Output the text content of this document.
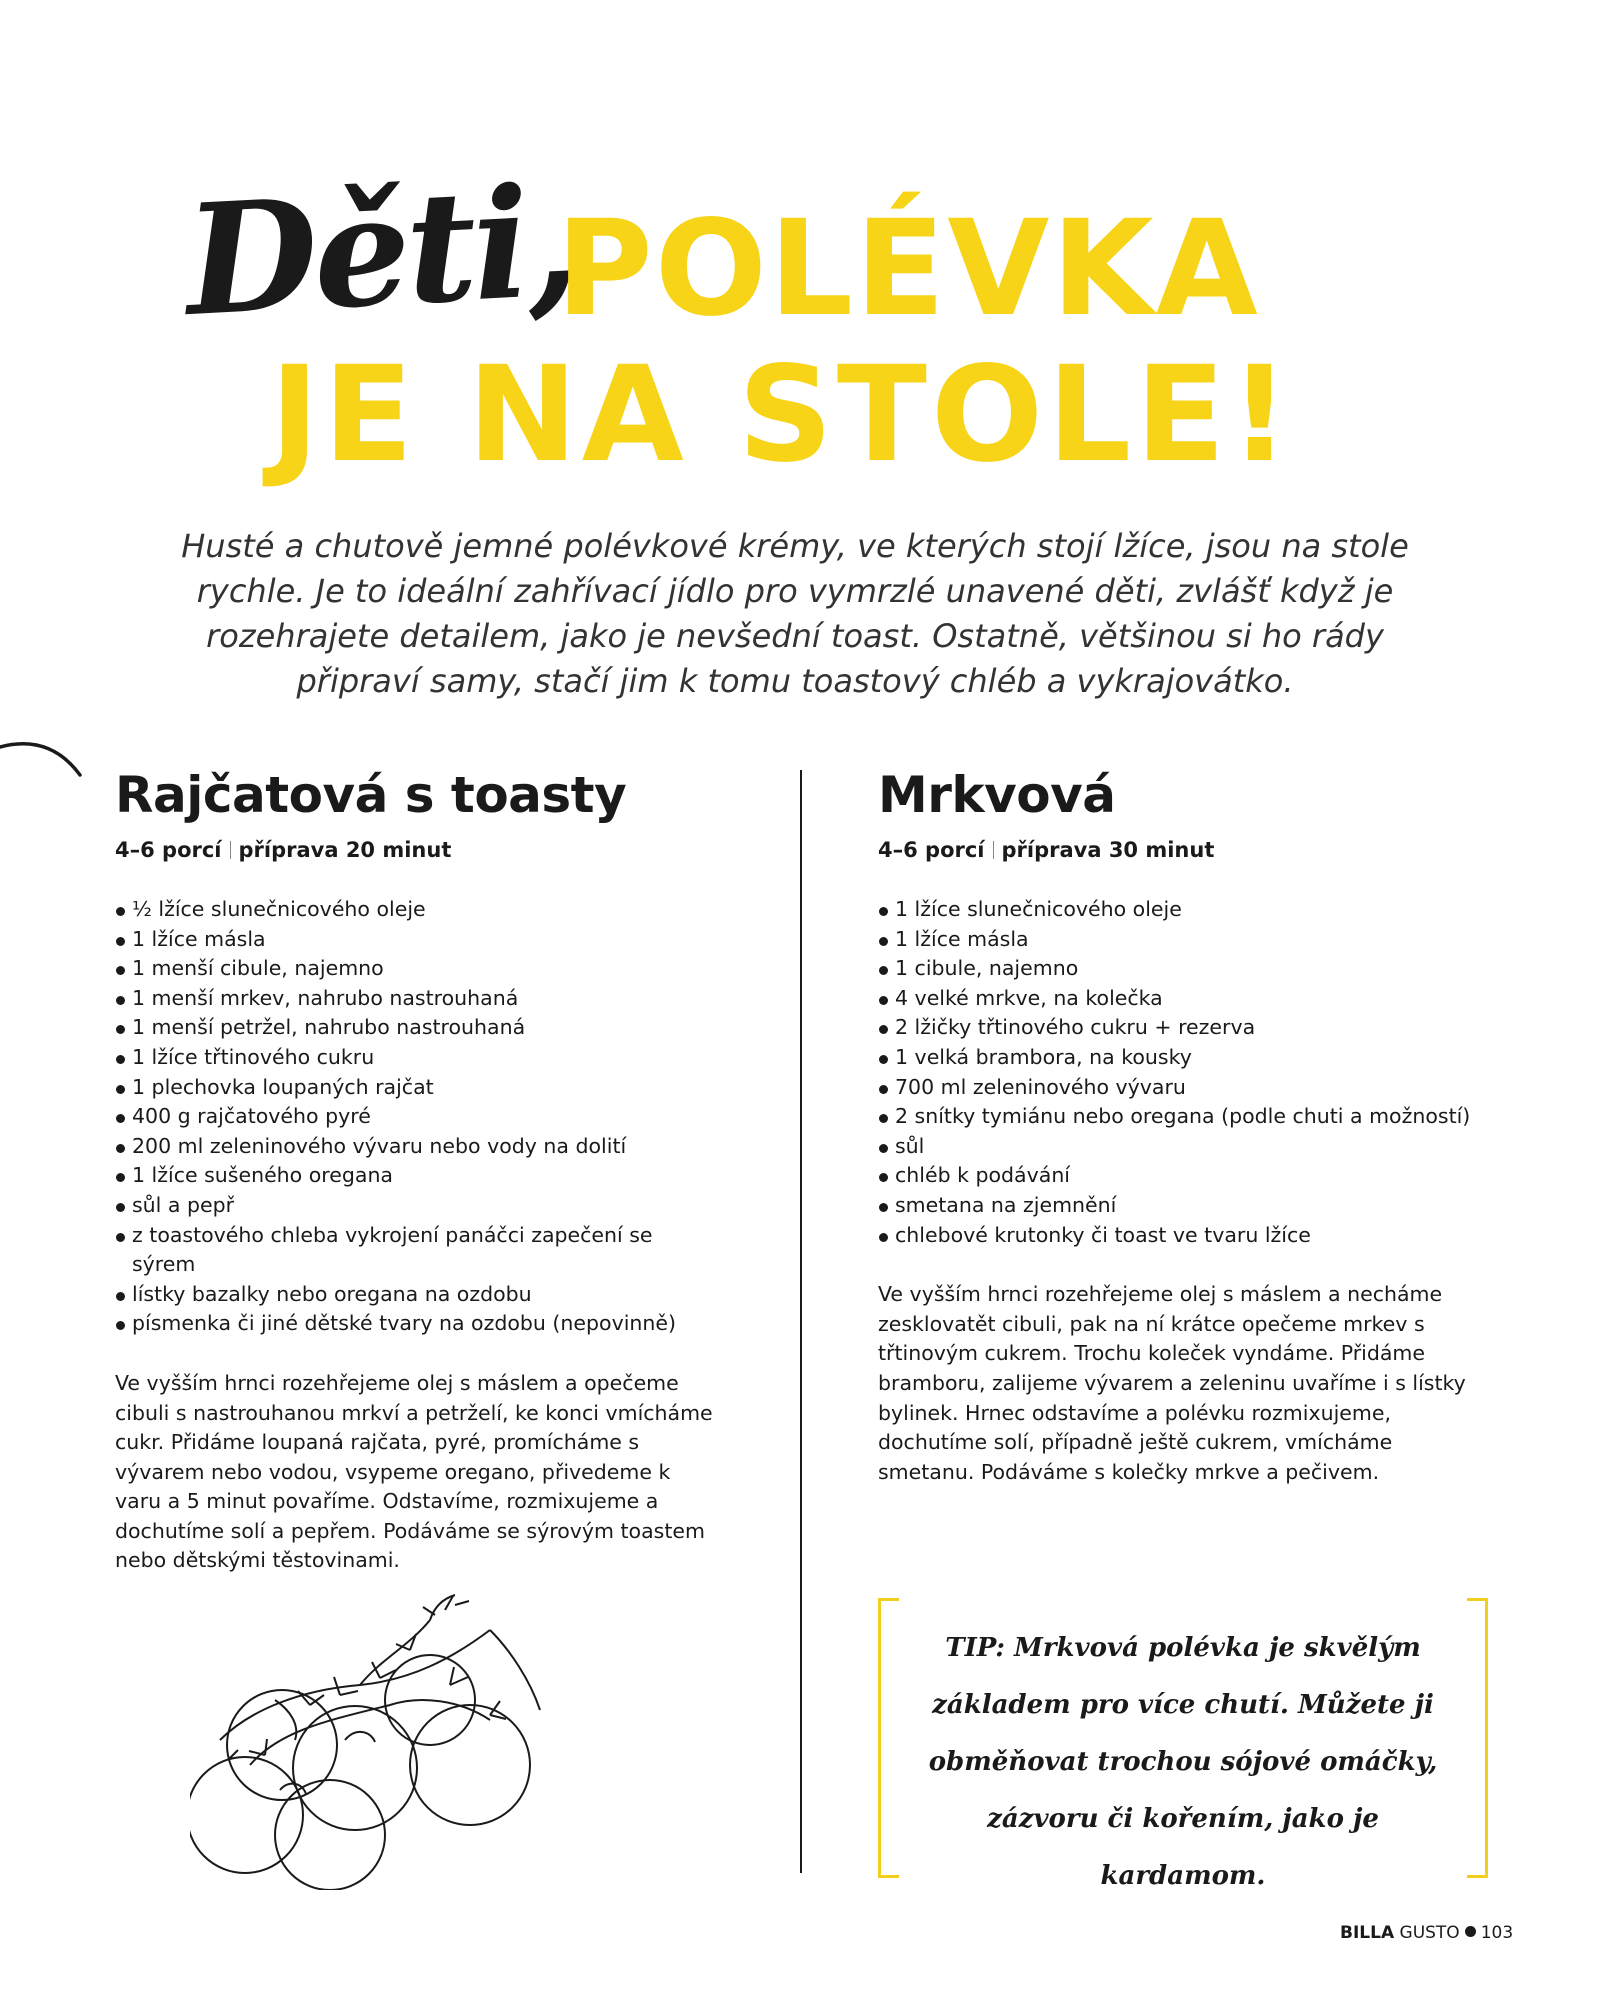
Děti,
POLÉVKA
JE NA STOLE!

Husté a chutově jemné polévkové krémy, ve kterých stojí lžíce, jsou na stole rychle. Je to ideální zahřívací jídlo pro vymrzlé unavené děti, zvlášť když je rozehrajete detailem, jako je nevšední toast. Ostatně, většinou si ho rády připraví samy, stačí jim k tomu toastový chléb a vykrajovátko.

Rajčatová s toasty
4–6 porcí příprava 20 minut
½ lžíce slunečnicového oleje
1 lžíce másla
1 menší cibule, najemno
1 menší mrkev, nahrubo nastrouhaná
1 menší petržel, nahrubo nastrouhaná
1 lžíce třtinového cukru
1 plechovka loupaných rajčat
400 g rajčatového pyré
200 ml zeleninového vývaru nebo vody na dolití
1 lžíce sušeného oregana
sůl a pepř
z toastového chleba vykrojení panáčci zapečení se sýrem
lístky bazalky nebo oregana na ozdobu
písmenka či jiné dětské tvary na ozdobu (nepovinně)

Ve vyšším hrnci rozehřejeme olej s máslem a opečeme cibuli s nastrouhanou mrkví a petrželí, ke konci vmícháme cukr. Přidáme loupaná rajčata, pyré, promícháme s vývarem nebo vodou, vsypeme oregano, přivedeme k varu a 5 minut povaříme. Odstavíme, rozmixujeme a dochutíme solí a pepřem. Podáváme se sýrovým toastem nebo dětskými těstovinami.

Mrkvová
4–6 porcí příprava 30 minut
1 lžíce slunečnicového oleje
1 lžíce másla
1 cibule, najemno
4 velké mrkve, na kolečka
2 lžičky třtinového cukru + rezerva
1 velká brambora, na kousky
700 ml zeleninového vývaru
2 snítky tymiánu nebo oregana (podle chuti a možností)
sůl
chléb k podávání
smetana na zjemnění
chlebové krutonky či toast ve tvaru lžíce

Ve vyšším hrnci rozehřejeme olej s máslem a necháme zesklovatět cibuli, pak na ní krátce opečeme mrkev s třtinovým cukrem. Trochu koleček vyndáme. Přidáme bramboru, zalijeme vývarem a zeleninu uvaříme i s lístky bylinek. Hrnec odstavíme a polévku rozmixujeme, dochutíme solí, případně ještě cukrem, vmícháme smetanu. Podáváme s kolečky mrkve a pečivem.

TIP: Mrkvová polévka je skvělým základem pro více chutí. Můžete ji obměňovat trochou sójové omáčky, zázvoru či kořením, jako je kardamom.
BILLA GUSTO 103
